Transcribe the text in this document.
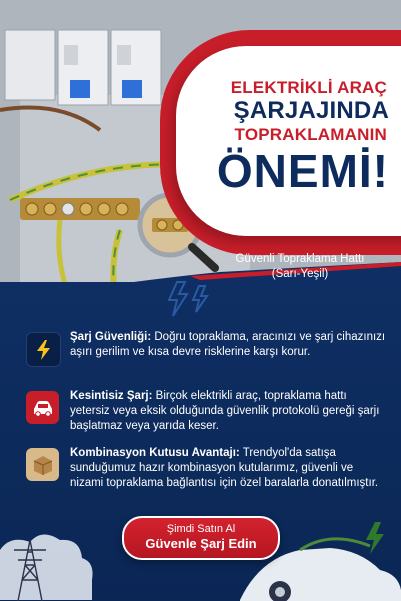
ELEKTRİKLİ ARAÇ

ŞARJAJINDA

TOPRAKLAMANIN

ÖNEMİ!

Güvenli Topraklama Hattı
(Sarı-Yeşil)
Şarj Güvenliği: Doğru topraklama, aracınızı ve şarj cihazınızı aşırı gerilim ve kısa devre risklerine karşı korur.
Kesintisiz Şarj: Birçok elektrikli araç, topraklama hattı yetersiz veya eksik olduğunda güvenlik protokolü gereği şarjı başlatmaz veya yarıda keser.
Kombinasyon Kutusu Avantajı: Trendyol'da satışa sunduğumuz hazır kombinasyon kutularımız, güvenli ve nizami topraklama bağlantısı için özel baralarla donatılmıştır.
Şimdi Satın Al
Güvenle Şarj Edin
